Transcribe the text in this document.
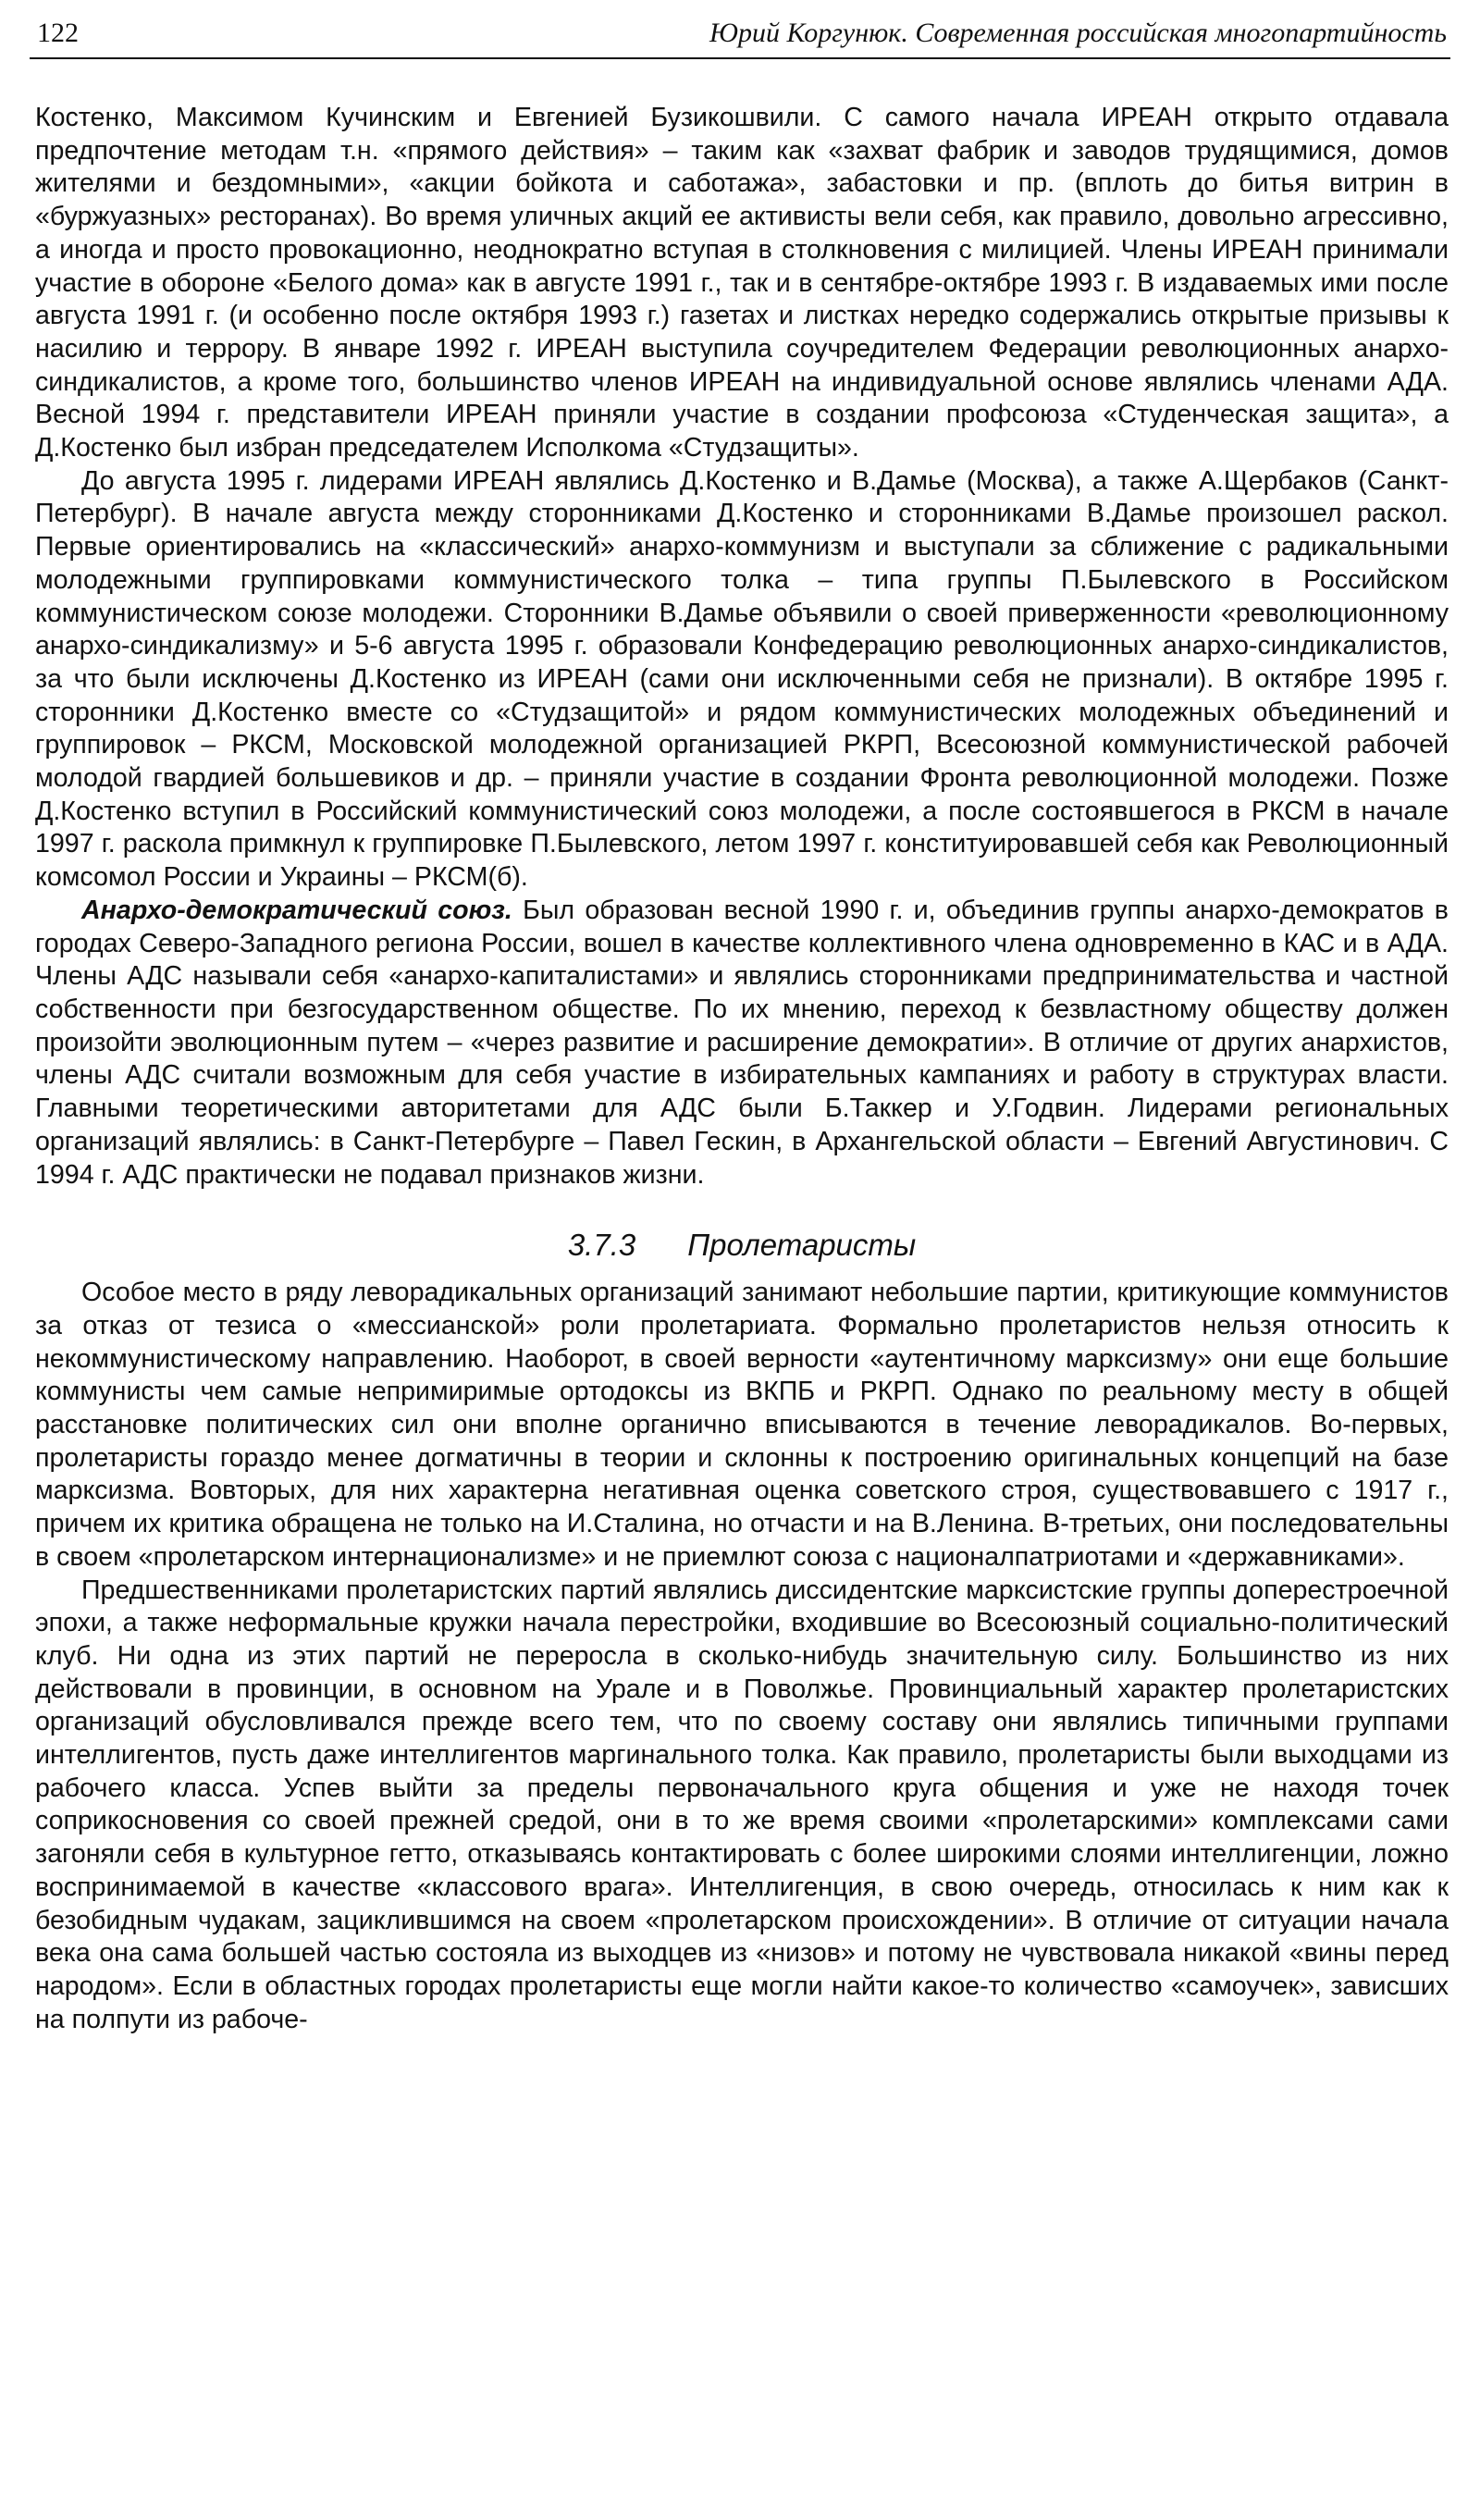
122	Юрий Коргунюк. Современная российская многопартийность

Костенко, Максимом Кучинским и Евгенией Бузикошвили. С самого начала ИРЕАН открыто отдавала предпочтение методам т.н. «прямого действия» – таким как «захват фабрик и заводов трудящимися, домов жителями и бездомными», «акции бойкота и саботажа», забастовки и пр. (вплоть до битья витрин в «буржуазных» ресторанах). Во время уличных акций ее активисты вели себя, как правило, довольно агрессивно, а иногда и просто провокационно, неоднократно вступая в столкновения с милицией. Члены ИРЕАН принимали участие в обороне «Белого дома» как в августе 1991 г., так и в сентябре-октябре 1993 г. В издаваемых ими после августа 1991 г. (и особенно после октября 1993 г.) газетах и листках нередко содержались открытые призывы к насилию и террору. В январе 1992 г. ИРЕАН выступила соучредителем Федерации революционных анархо-синдикалистов, а кроме того, большинство членов ИРЕАН на индивидуальной основе являлись членами АДА. Весной 1994 г. представители ИРЕАН приняли участие в создании профсоюза «Студенческая защита», а Д.Костенко был избран председателем Исполкома «Студзащиты».

До августа 1995 г. лидерами ИРЕАН являлись Д.Костенко и В.Дамье (Москва), а также А.Щербаков (Санкт-Петербург). В начале августа между сторонниками Д.Костенко и сторонниками В.Дамье произошел раскол. Первые ориентировались на «классический» анархо-коммунизм и выступали за сближение с радикальными молодежными группировками коммунистического толка – типа группы П.Былевского в Российском коммунистическом союзе молодежи. Сторонники В.Дамье объявили о своей приверженности «революционному анархо-синдикализму» и 5-6 августа 1995 г. образовали Конфедерацию революционных анархо-синдикалистов, за что были исключены Д.Костенко из ИРЕАН (сами они исключенными себя не признали). В октябре 1995 г. сторонники Д.Костенко вместе со «Студзащитой» и рядом коммунистических молодежных объединений и группировок – РКСМ, Московской молодежной организацией РКРП, Всесоюзной коммунистической рабочей молодой гвардией большевиков и др. – приняли участие в создании Фронта революционной молодежи. Позже Д.Костенко вступил в Российский коммунистический союз молодежи, а после состоявшегося в РКСМ в начале 1997 г. раскола примкнул к группировке П.Былевского, летом 1997 г. конституировавшей себя как Революционный комсомол России и Украины – РКСМ(б).

Анархо-демократический союз. Был образован весной 1990 г. и, объединив группы анархо-демократов в городах Северо-Западного региона России, вошел в качестве коллективного члена одновременно в КАС и в АДА. Члены АДС называли себя «анархо-капиталистами» и являлись сторонниками предпринимательства и частной собственности при безгосударственном обществе. По их мнению, переход к безвластному обществу должен произойти эволюционным путем – «через развитие и расширение демократии». В отличие от других анархистов, члены АДС считали возможным для себя участие в избирательных кампаниях и работу в структурах власти. Главными теоретическими авторитетами для АДС были Б.Таккер и У.Годвин. Лидерами региональных организаций являлись: в Санкт-Петербурге – Павел Гескин, в Архангельской области – Евгений Августинович. С 1994 г. АДС практически не подавал признаков жизни.

3.7.3 Пролетаристы

Особое место в ряду леворадикальных организаций занимают небольшие партии, критикующие коммунистов за отказ от тезиса о «мессианской» роли пролетариата. Формально пролетаристов нельзя относить к некоммунистическому направлению. Наоборот, в своей верности «аутентичному марксизму» они еще большие коммунисты чем самые непримиримые ортодоксы из ВКПБ и РКРП. Однако по реальному месту в общей расстановке политических сил они вполне органично вписываются в течение леворадикалов. Во-первых, пролетаристы гораздо менее догматичны в теории и склонны к построению оригинальных концепций на базе марксизма. Вовторых, для них характерна негативная оценка советского строя, существовавшего с 1917 г., причем их критика обращена не только на И.Сталина, но отчасти и на В.Ленина. В-третьих, они последовательны в своем «пролетарском интернационализме» и не приемлют союза с националпатриотами и «державниками».

Предшественниками пролетаристских партий являлись диссидентские марксистские группы доперестроечной эпохи, а также неформальные кружки начала перестройки, входившие во Всесоюзный социально-политический клуб. Ни одна из этих партий не переросла в сколько-нибудь значительную силу. Большинство из них действовали в провинции, в основном на Урале и в Поволжье. Провинциальный характер пролетаристских организаций обусловливался прежде всего тем, что по своему составу они являлись типичными группами интеллигентов, пусть даже интеллигентов маргинального толка. Как правило, пролетаристы были выходцами из рабочего класса. Успев выйти за пределы первоначального круга общения и уже не находя точек соприкосновения со своей прежней средой, они в то же время своими «пролетарскими» комплексами сами загоняли себя в культурное гетто, отказываясь контактировать с более широкими слоями интеллигенции, ложно воспринимаемой в качестве «классового врага». Интеллигенция, в свою очередь, относилась к ним как к безобидным чудакам, зациклившимся на своем «пролетарском происхождении». В отличие от ситуации начала века она сама большей частью состояла из выходцев из «низов» и потому не чувствовала никакой «вины перед народом». Если в областных городах пролетаристы еще могли найти какое-то количество «самоучек», зависших на полпути из рабоче-
